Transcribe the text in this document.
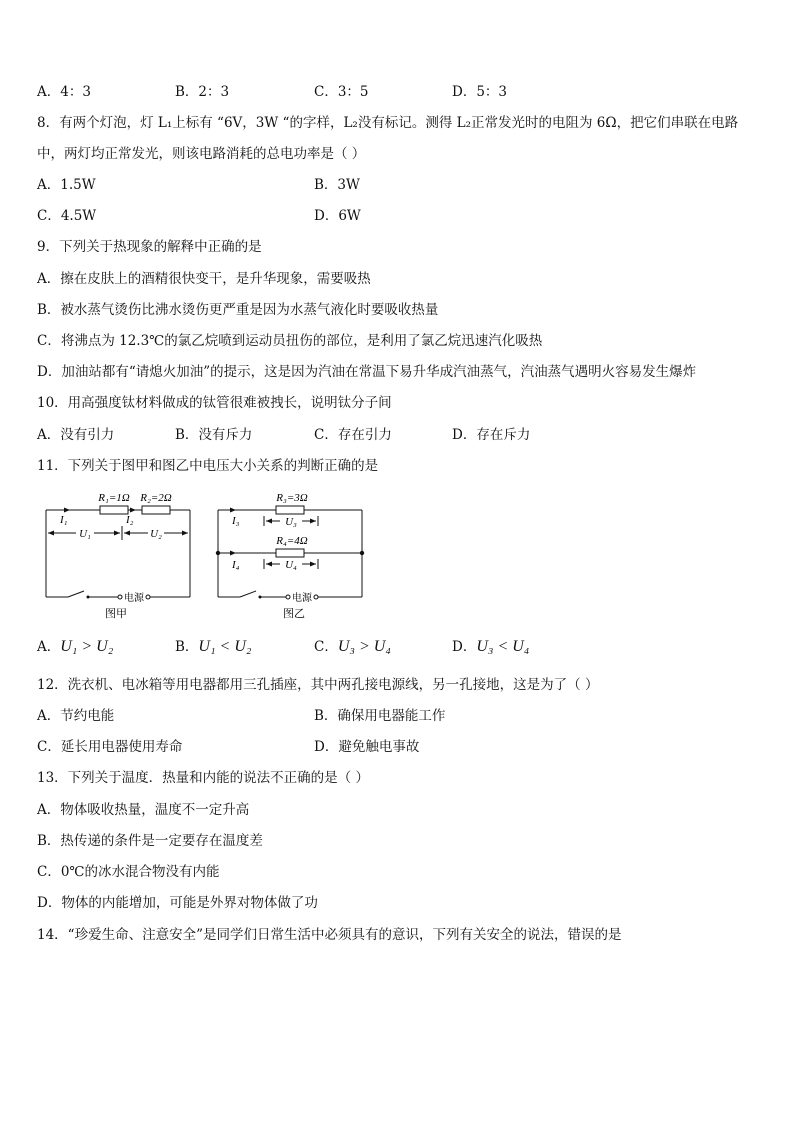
A．4：3	B．2：3	C．3：5	D．5：3
8．有两个灯泡，灯 L₁上标有 “6V，3W “的字样，L₂没有标记。测得 L₂正常发光时的电阻为 6Ω，把它们串联在电路
中，两灯均正常发光，则该电路消耗的总电功率是（ ）
A．1.5W	B．3W
C．4.5W	D．6W
9．下列关于热现象的解释中正确的是
A．擦在皮肤上的酒精很快变干，是升华现象，需要吸热
B．被水蒸气烫伤比沸水烫伤更严重是因为水蒸气液化时要吸收热量
C．将沸点为 12.3℃的氯乙烷喷到运动员扭伤的部位，是利用了氯乙烷迅速汽化吸热
D．加油站都有“请熄火加油”的提示，这是因为汽油在常温下易升华成汽油蒸气，汽油蒸气遇明火容易发生爆炸
10．用高强度钛材料做成的钛管很难被拽长，说明钛分子间
A．没有引力	B．没有斥力	C．存在引力	D．存在斥力
11．下列关于图甲和图乙中电压大小关系的判断正确的是
R₁=1Ω R₂=2Ω
I₁	I₂
U₁	U₂
电源
图甲
R₃=3Ω
R₄=4Ω
I₃
I₄
U₃
U₄
电源
图乙
A．U₁ > U₂	B．U₁ < U₂	C．U₃ > U₄	D．U₃ < U₄
12．洗衣机、电冰箱等用电器都用三孔插座，其中两孔接电源线，另一孔接地，这是为了（ ）
A．节约电能	B．确保用电器能工作
C．延长用电器使用寿命	D．避免触电事故
13．下列关于温度．热量和内能的说法不正确的是（ ）
A．物体吸收热量，温度不一定升高
B．热传递的条件是一定要存在温度差
C．0℃的冰水混合物没有内能
D．物体的内能增加，可能是外界对物体做了功
14．“珍爱生命、注意安全”是同学们日常生活中必须具有的意识，下列有关安全的说法，错误的是
